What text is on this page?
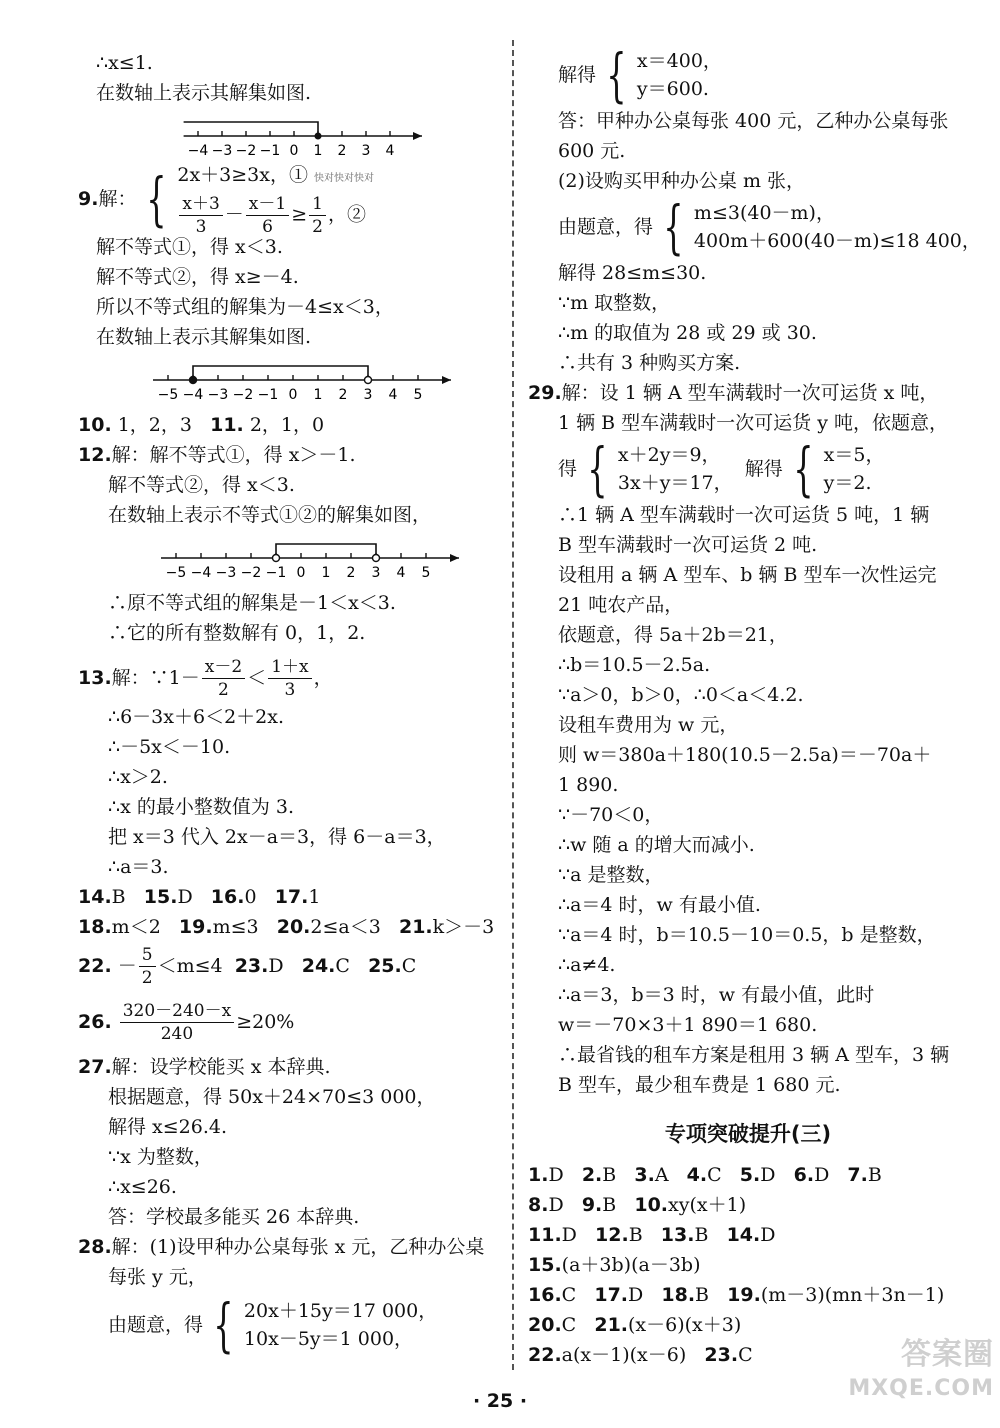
∴x≤1.

在数轴上表示其解集如图.

−4 −3 −2 −1 0 1 2 3 4
9. 解： { 2x＋3≥3x，① 快对快对快对
$\frac{x+3}{3} - \frac{x-1}{6} \ge \frac{1}{2}$ ，②

解不等式①，得 x＜3.

解不等式②，得 x≥－4.

所以不等式组的解集为－4≤x＜3，

在数轴上表示其解集如图.

−5 −4 −3 −2 −1 0 1 2 3 4 5

10. 1，2，3 11. 2，1，0

12.解：解不等式①，得 x＞－1.

解不等式②，得 x＜3.

在数轴上表示不等式①②的解集如图，

−5 −4 −3 −2 −1 0 1 2 3 4 5

∴原不等式组的解集是－1＜x＜3.

∴它的所有整数解有 0，1，2.

13. 解：∵1－ $\frac{x-2}{2} < \frac{1+x}{3}$ ，

∴6－3x＋6＜2＋2x.

∴－5x＜－10.

∴x＞2.

∴x 的最小整数值为 3.

把 x＝3 代入 2x－a＝3，得 6－a＝3，

∴a＝3.

14.B 15.D 16.0 17.1

18.m＜2 19.m≤3 20.2≤a＜3 21.k＞－3

22.
－ $\frac{5}{2} <m\le 4$
23.D 24.C 25.C
26.
$\frac{320-240-x}{240} \ge 20\%$

27.解：设学校能买 x 本辞典.

根据题意，得 50x＋24×70≤3 000，

解得 x≤26.4.

∵x 为整数，

∴x≤26.

答：学校最多能买 26 本辞典.

28.解：(1)设甲种办公桌每张 x 元，乙种办公桌

每张 y 元，

由题意，得 { 20x＋15y＝17 000，
10x－5y＝1 000，
解得 { x＝400，
y＝600.

答：甲种办公桌每张 400 元，乙种办公桌每张

600 元.

(2)设购买甲种办公桌 m 张，

由题意，得 { m≤3(40－m)，
400m＋600(40－m)≤18 400，

解得 28≤m≤30.

∵m 取整数，

∴m 的取值为 28 或 29 或 30.

∴共有 3 种购买方案.

29.解：设 1 辆 A 型车满载时一次可运货 x 吨，

1 辆 B 型车满载时一次可运货 y 吨，依题意，

得 { x＋2y＝9，
3x＋y＝17，

解得 { x＝5，
y＝2.

∴1 辆 A 型车满载时一次可运货 5 吨，1 辆

B 型车满载时一次可运货 2 吨.

设租用 a 辆 A 型车、b 辆 B 型车一次性运完

21 吨农产品，

依题意，得 5a＋2b＝21，

∴b＝10.5－2.5a.

∵a＞0，b＞0，∴0＜a＜4.2.

设租车费用为 w 元，

则 w＝380a＋180(10.5－2.5a)＝－70a＋

1 890.

∵－70＜0，

∴w 随 a 的增大而减小.

∵a 是整数，

∴a＝4 时，w 有最小值.

∵a＝4 时，b＝10.5－10＝0.5，b 是整数，

∴a≠4.

∴a＝3，b＝3 时，w 有最小值，此时

w＝－70×3＋1 890＝1 680.

∴最省钱的租车方案是租用 3 辆 A 型车，3 辆

B 型车，最少租车费是 1 680 元.

专项突破提升(三)

1.D 2.B 3.A 4.C 5.D 6.D 7.B

8.D 9.B 10.xy(x＋1)

11.D 12.B 13.B 14.D

15.(a＋3b)(a－3b)

16.C 17.D 18.B 19.(m－3)(mn＋3n－1)

20.C 21.(x－6)(x＋3)

22.a(x－1)(x－6) 23.C

· 25 ·
答案圈
MXQE.COM
